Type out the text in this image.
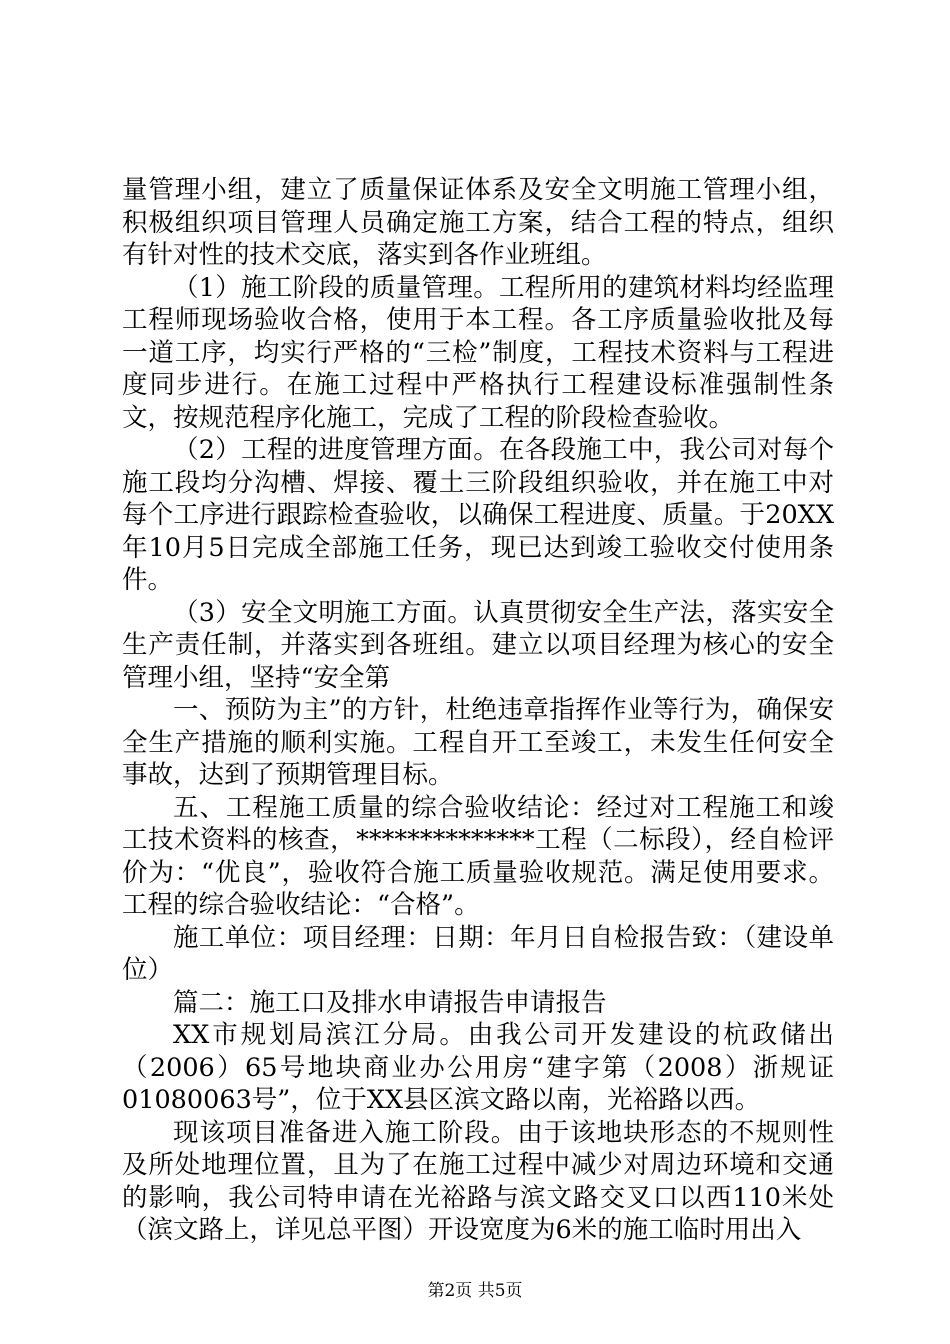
量管理小组，建立了质量保证体系及安全文明施工管理小组，积极组织项目管理人员确定施工方案，结合工程的特点，组织有针对性的技术交底，落实到各作业班组。

（1）施工阶段的质量管理。工程所用的建筑材料均经监理工程师现场验收合格，使用于本工程。各工序质量验收批及每一道工序，均实行严格的“三检”制度，工程技术资料与工程进度同步进行。在施工过程中严格执行工程建设标准强制性条文，按规范程序化施工，完成了工程的阶段检查验收。

（2）工程的进度管理方面。在各段施工中，我公司对每个施工段均分沟槽、焊接、覆土三阶段组织验收，并在施工中对每个工序进行跟踪检查验收，以确保工程进度、质量。于20XX年10月5日完成全部施工任务，现已达到竣工验收交付使用条件。

（3）安全文明施工方面。认真贯彻安全生产法，落实安全生产责任制，并落实到各班组。建立以项目经理为核心的安全管理小组，坚持“安全第

一、预防为主”的方针，杜绝违章指挥作业等行为，确保安全生产措施的顺利实施。工程自开工至竣工，未发生任何安全事故，达到了预期管理目标。

五、工程施工质量的综合验收结论：经过对工程施工和竣工技术资料的核查，**************工程（二标段），经自检评价为：“优良”，验收符合施工质量验收规范。满足使用要求。工程的综合验收结论：“合格”。

施工单位：项目经理：日期：年月日自检报告致：（建设单位）

篇二：施工口及排水申请报告申请报告

XX市规划局滨江分局。由我公司开发建设的杭政储出（2006）65号地块商业办公用房“建字第（2008）浙规证01080063号”，位于XX县区滨文路以南，光裕路以西。

现该项目准备进入施工阶段。由于该地块形态的不规则性及所处地理位置，且为了在施工过程中减少对周边环境和交通的影响，我公司特申请在光裕路与滨文路交叉口以西110米处（滨文路上，详见总平图）开设宽度为6米的施工临时用出入

第2页 共5页
